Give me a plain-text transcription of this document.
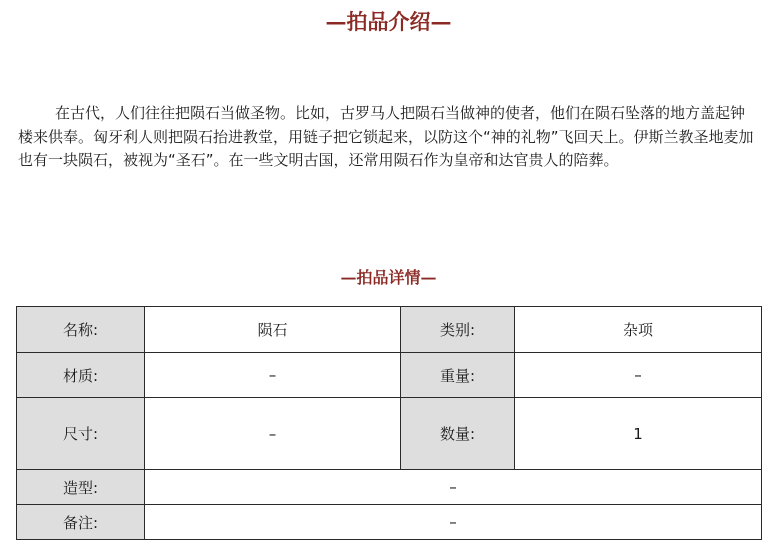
—拍品介绍—

在古代，人们往往把陨石当做圣物。比如，古罗马人把陨石当做神的使者，他们在陨石坠落的地方盖起钟楼来供奉。匈牙利人则把陨石抬进教堂，用链子把它锁起来，以防这个“神的礼物”飞回天上。伊斯兰教圣地麦加也有一块陨石，被视为“圣石”。在一些文明古国，还常用陨石作为皇帝和达官贵人的陪葬。

—拍品详情—
名称:	陨石	类别:	杂项
材质:	–	重量:	–
尺寸:	–	数量:	1
造型:	–		
备注:	–		
